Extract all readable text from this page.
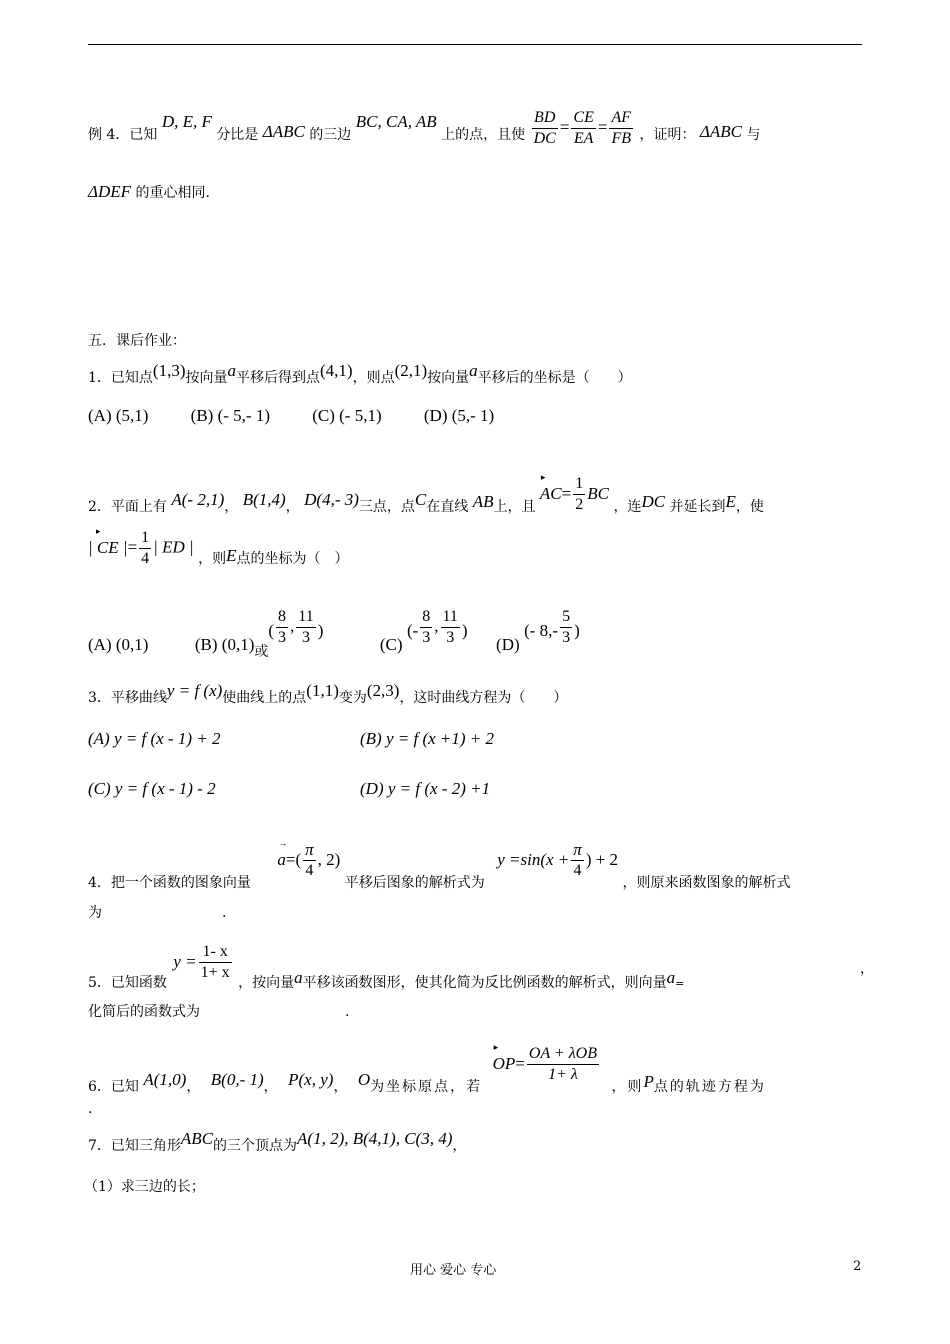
例 4．已知 D, E, F 分比是 ΔABC 的三边 BC, CA, AB 上的点，且使 $\frac{BD}{DC} = \frac{CE}{EA} = \frac{AF}{FB}$ ，证明： ΔABC 与
ΔDEF 的重心相同.
五．课后作业：
1．已知点(1,3)按向量a平移后得到点(4,1)，则点(2,1)按向量a平移后的坐标是（　　）
(A) (5,1) (B) (- 5,- 1) (C) (- 5,1) (D) (5,- 1)
2．平面上有 A(- 2,1)， B(1,4)， D(4,- 3)三点，点C在直线 AB上，且
▸
$AC= \frac{1}{2}$ BC ，连DC 并延长到E，使
▸
| CE |= $\frac{1}{4}$ | ED | ，则E点的坐标为（　）
(A) (0,1)	(B) (0,1)或( $\frac{8}{3}$ , $\frac{11}{3}$ ) (C) (- $\frac{8}{3}$ , $\frac{11}{3}$ ) (D) (- $8,- \frac{5}{3}$ )
3．平移曲线y = f (x)使曲线上的点(1,1)变为(2,3)，这时曲线方程为（　　）
(A) y = f (x - 1) + 2	(B) y = f (x +1) + 2
(C) y = f (x - 1) - 2	(D) y = f (x - 2) +1
4．把一个函数的图象向量
→
$a=( \frac{\pi}{4}$ , 2) 平移后图象的解析式为 $y =\sin(x + \frac{\pi}{4}$ ) + 2 ，则原来函数图象的解析式
为	.
5．已知函数 $y = \frac{1- x}{1+ x}$ ，按向量a平移该函数图形，使其化简为反比例函数的解析式，则向量$a_=$
，
化简后的函数式为	.
6．已知 A(1,0)， B(0,- 1)， P(x, y)， O为坐标原点，若
▸
$OP= \frac{\text{OA + λOB}}{1+ \lambda}$
，则P点的轨迹方程为
.
7．已知三角形ABC的三个顶点为A(1, 2), B(4,1), C(3, 4)，
（1）求三边的长；
用心 爱心 专心	2
